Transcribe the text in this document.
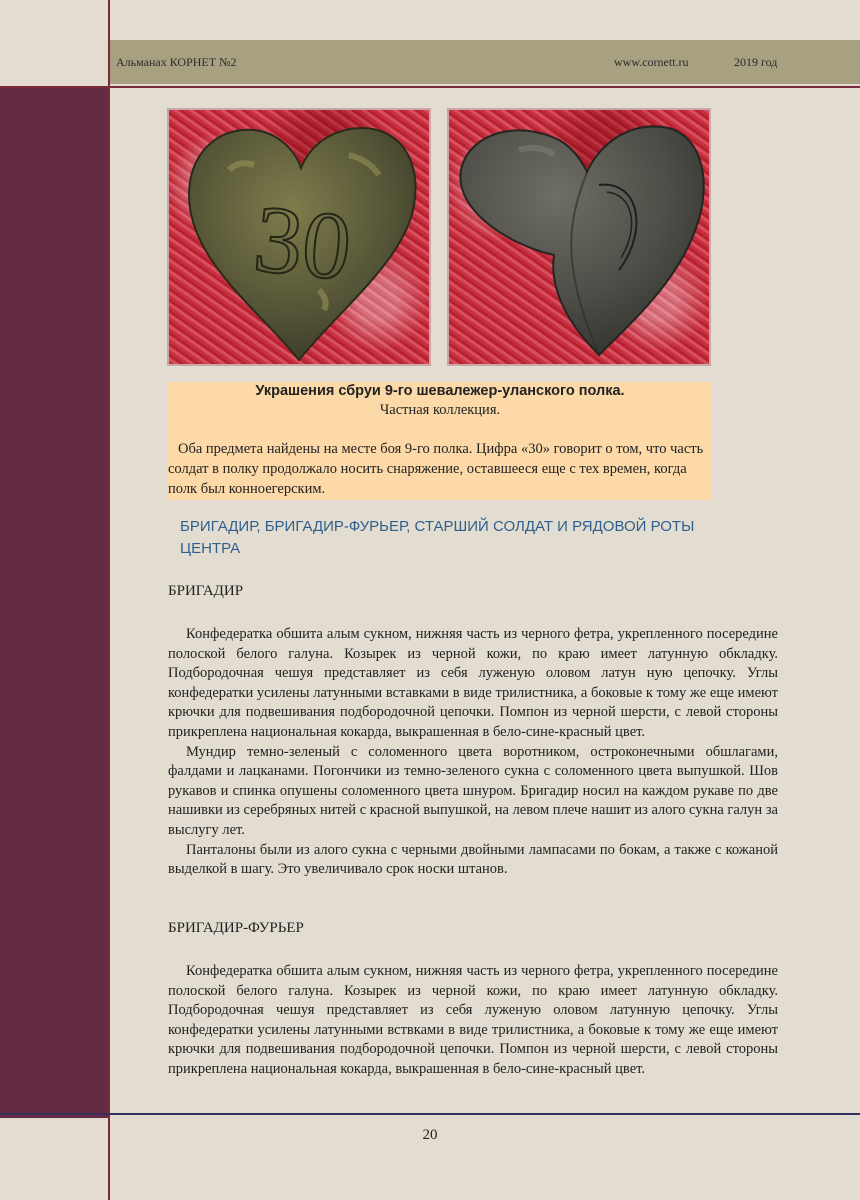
Альманах КОРНЕТ №2	www.cornett.ru	2019 год
30
Украшения сбруи 9-го шевалежер-уланского полка.
Частная коллекция.
Оба предмета найдены на месте боя 9-го полка. Цифра «30» говорит о том, что часть солдат в полку продолжало носить снаряжение, оставшееся еще с тех времен, когда полк был конноегерским.
БРИГАДИР, БРИГАДИР-ФУРЬЕР, СТАРШИЙ СОЛДАТ И РЯДОВОЙ РОТЫ ЦЕНТРА
БРИГАДИР

Конфедератка обшита алым сукном, нижняя часть из черного фетра, укрепленного посередине полоской белого галуна. Козырек из черной кожи, по краю имеет латунную обкладку. Подбородочная чешуя представляет из себя луженую оловом латун ную цепочку. Углы конфедератки усилены латунными вставками в виде трилистника, а боковые к тому же еще имеют крючки для подвешивания подбородочной цепочки. Помпон из черной шерсти, с левой стороны прикреплена национальная кокарда, выкрашенная в бело-сине-красный цвет.

Мундир темно-зеленый с соломенного цвета воротником, остроконечными обшлагами, фалдами и лацканами. Погончики из темно-зеленого сукна с соломенного цвета выпушкой. Шов рукавов и спинка опушены соломенного цвета шнуром. Бригадир носил на каждом рукаве по две нашивки из серебряных нитей с красной выпушкой, на левом плече нашит из алого сукна галун за выслугу лет.

Панталоны были из алого сукна с черными двойными лампасами по бокам, а также с кожаной выделкой в шагу. Это увеличивало срок носки штанов.

БРИГАДИР-ФУРЬЕР

Конфедератка обшита алым сукном, нижняя часть из черного фетра, укрепленного посередине полоской белого галуна. Козырек из черной кожи, по краю имеет латунную обкладку. Подбородочная чешуя представляет из себя луженую оловом латунную цепочку. Углы конфедератки усилены латунными вствками в виде трилистника, а боковые к тому же еще имеют крючки для подвешивания подбородочной цепочки. Помпон из черной шерсти, с левой стороны прикреплена национальная кокарда, выкрашенная в бело-сине-красный цвет.

20
